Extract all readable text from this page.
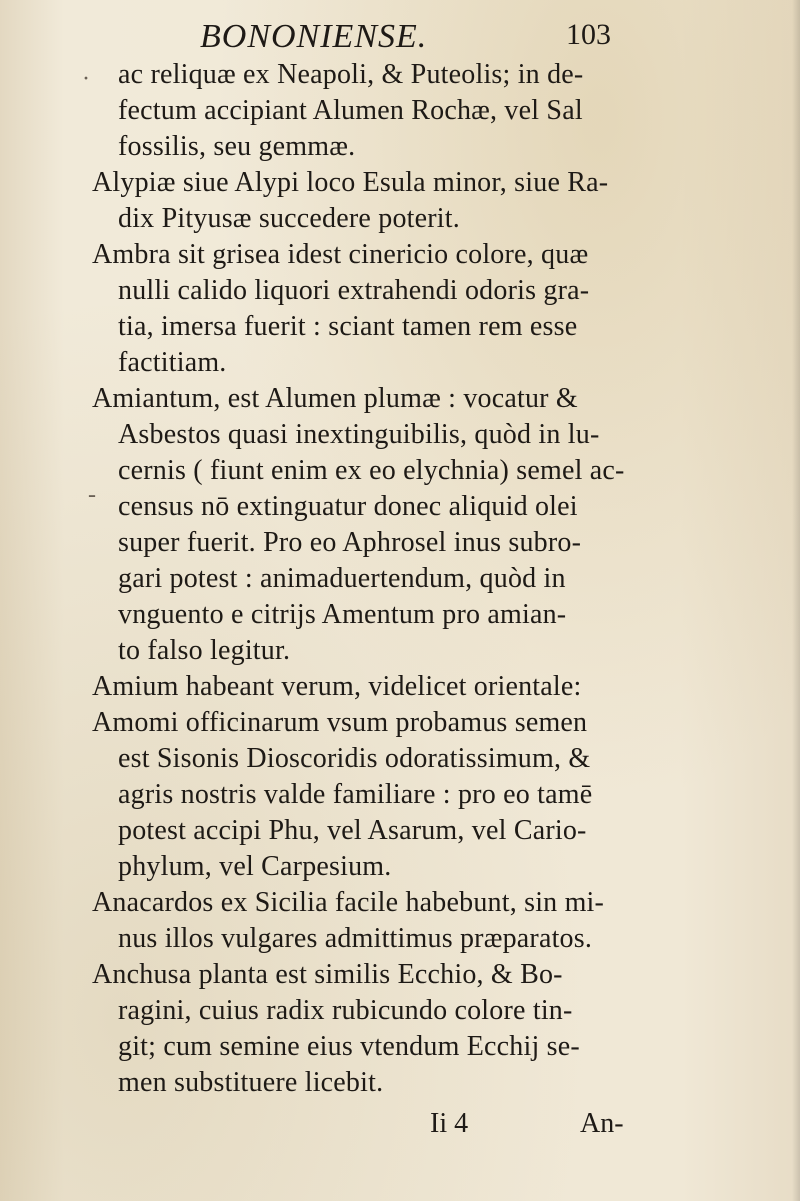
BONONIENSE.	103
·
-
ac reliquæ ex Neapoli, & Puteolis; in de-
fectum accipiant Alumen Rochæ, vel Sal
fossilis, seu gemmæ.
Alypiæ siue Alypi loco Esula minor, siue Ra-
dix Pityusæ succedere poterit.
Ambra sit grisea idest cinericio colore, quæ
nulli calido liquori extrahendi odoris gra-
tia, imersa fuerit : sciant tamen rem esse
factitiam.
Amiantum, est Alumen plumæ : vocatur &
Asbestos quasi inextinguibilis, quòd in lu-
cernis ( fiunt enim ex eo elychnia) semel ac-
census nō extinguatur donec aliquid olei
super fuerit. Pro eo Aphrosel inus subro-
gari potest : animaduertendum, quòd in
vnguento e citrijs Amentum pro amian-
to falso legitur.
Amium habeant verum, videlicet orientale:
Amomi officinarum vsum probamus semen
est Sisonis Dioscoridis odoratissimum, &
agris nostris valde familiare : pro eo tamē
potest accipi Phu, vel Asarum, vel Cario-
phylum, vel Carpesium.
Anacardos ex Sicilia facile habebunt, sin mi-
nus illos vulgares admittimus præparatos.
Anchusa planta est similis Ecchio, & Bo-
ragini, cuius radix rubicundo colore tin-
git; cum semine eius vtendum Ecchij se-
men substituere licebit.
Ii 4	An-
